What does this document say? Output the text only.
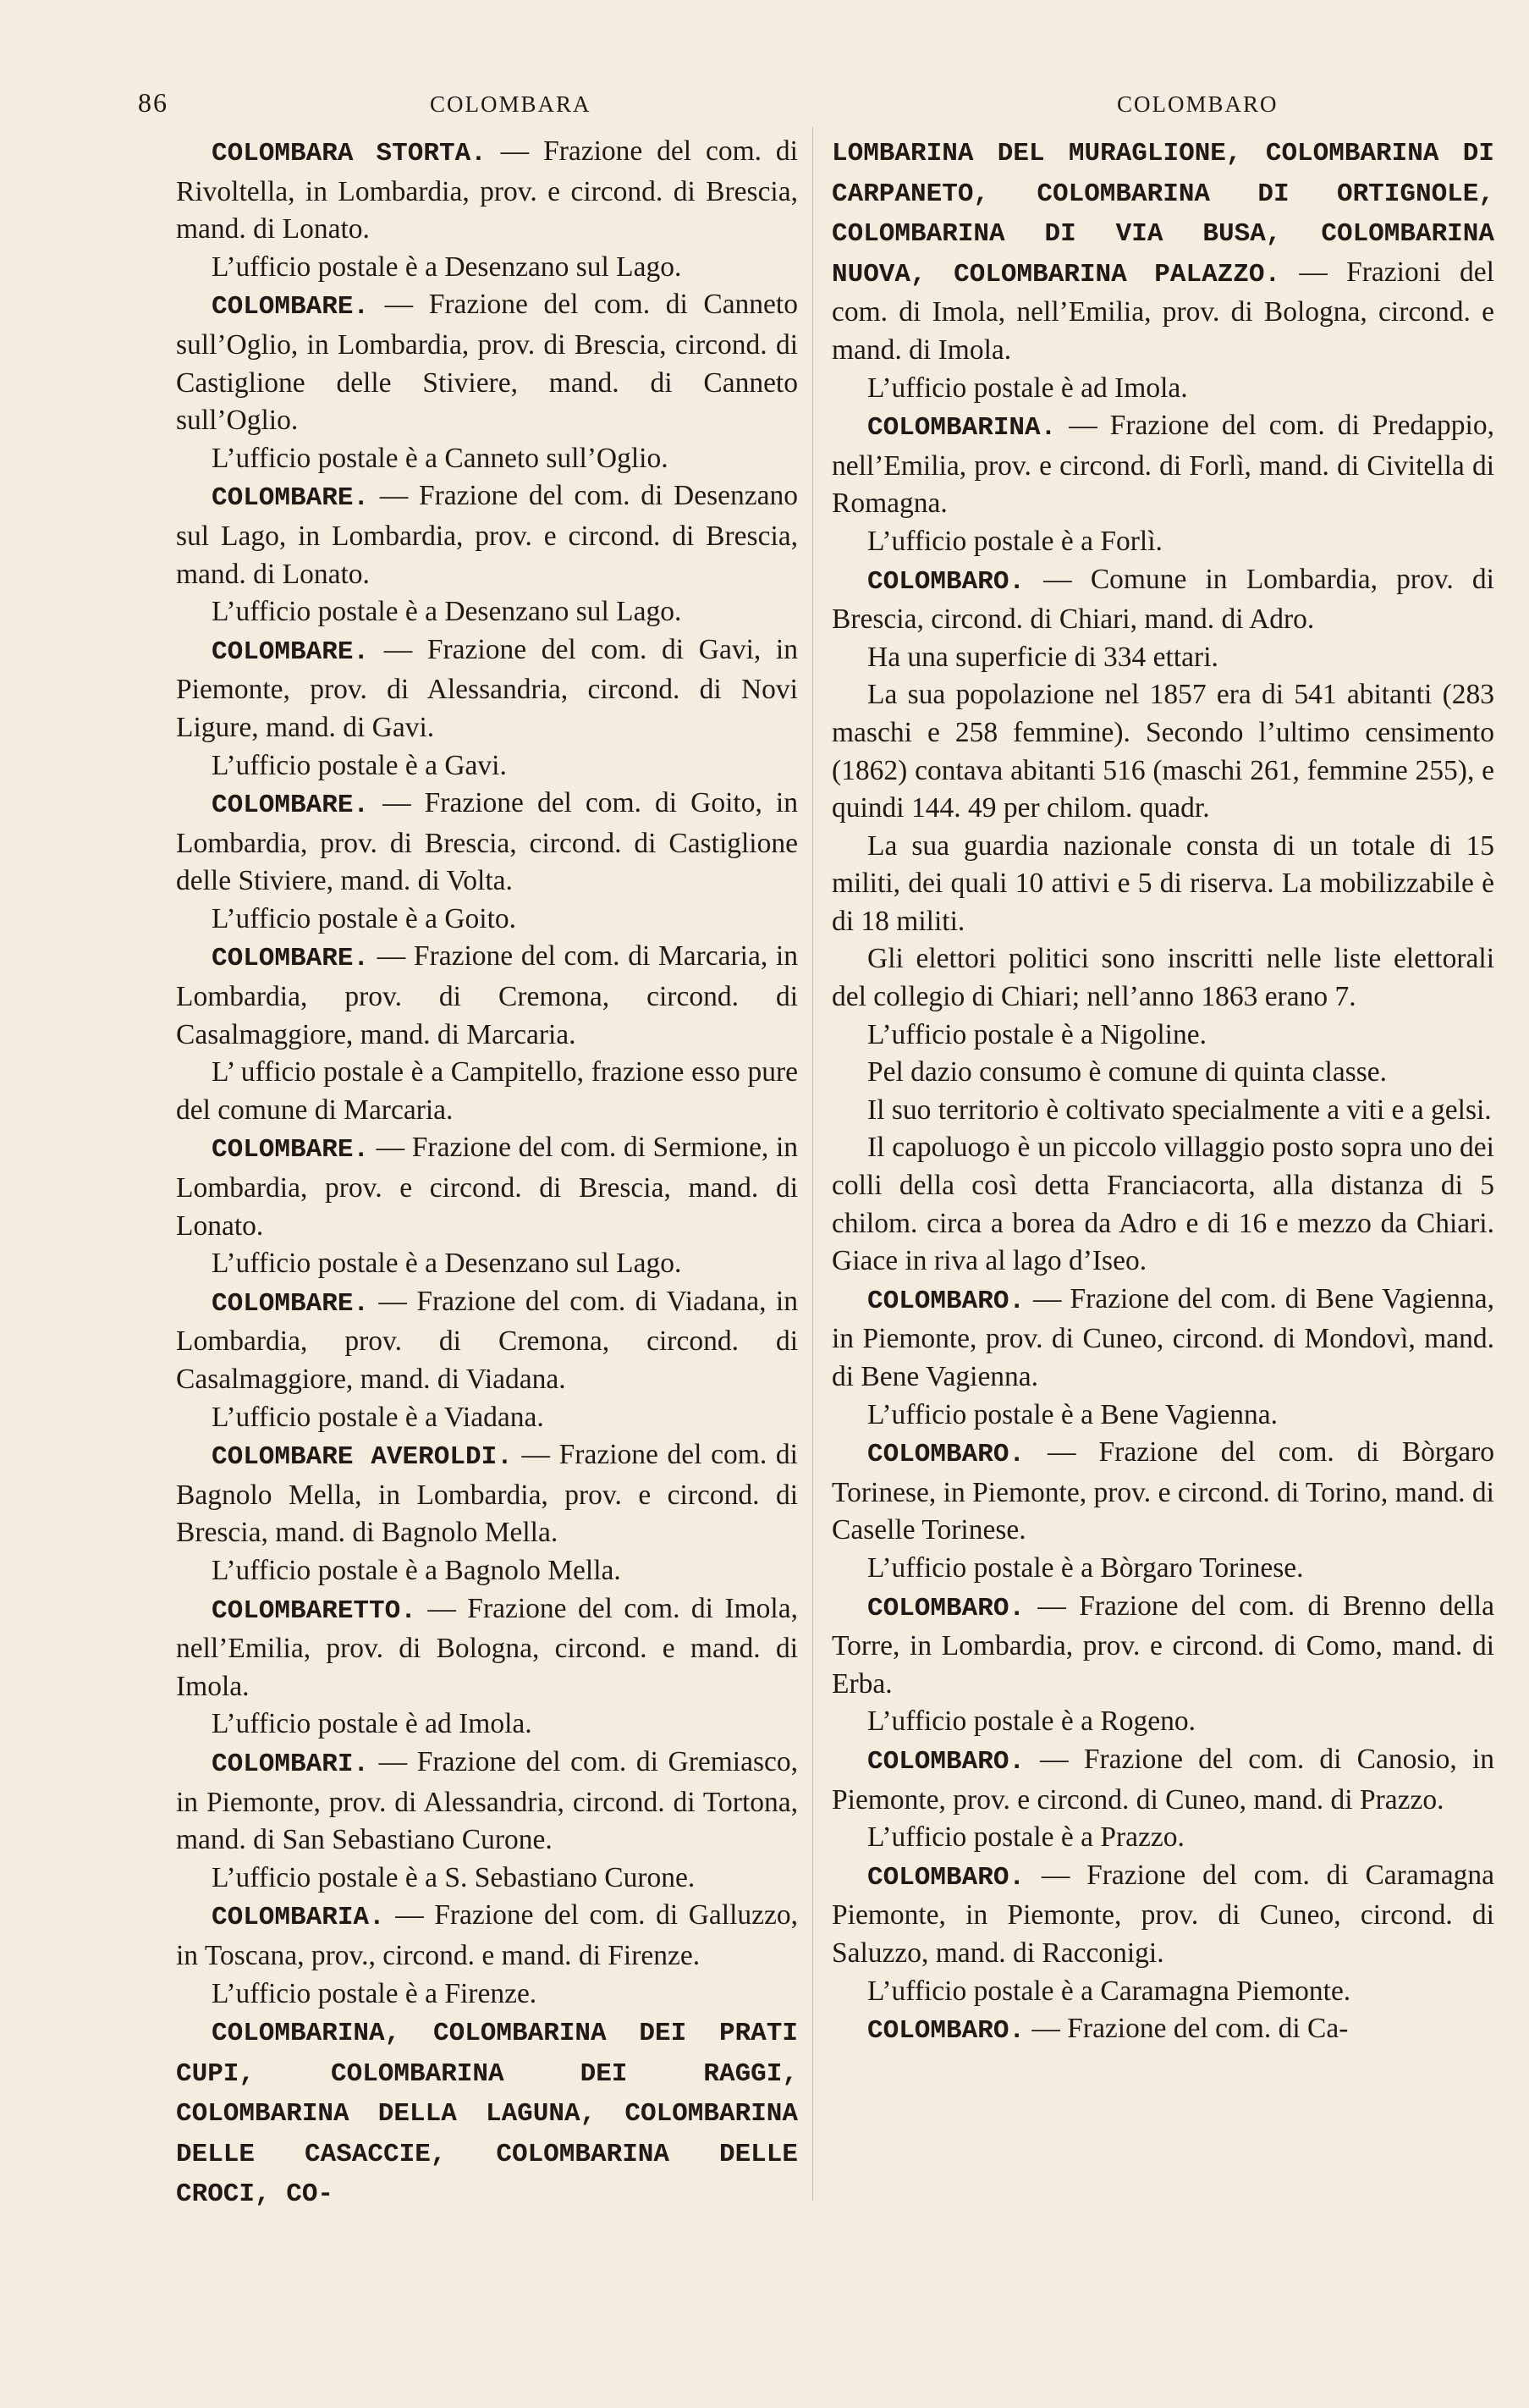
86	COLOMBARA	COLOMBARO

COLOMBARA STORTA. — Frazione del com. di Rivoltella, in Lombardia, prov. e circond. di Brescia, mand. di Lonato.

L’ufficio postale è a Desenzano sul Lago.

COLOMBARE. — Frazione del com. di Canneto sull’Oglio, in Lombardia, prov. di Brescia, circond. di Castiglione delle Stiviere, mand. di Canneto sull’Oglio.

L’ufficio postale è a Canneto sull’Oglio.

COLOMBARE. — Frazione del com. di Desenzano sul Lago, in Lombardia, prov. e circond. di Brescia, mand. di Lonato.

L’ufficio postale è a Desenzano sul Lago.

COLOMBARE. — Frazione del com. di Gavi, in Piemonte, prov. di Alessandria, circond. di Novi Ligure, mand. di Gavi.

L’ufficio postale è a Gavi.

COLOMBARE. — Frazione del com. di Goito, in Lombardia, prov. di Brescia, circond. di Castiglione delle Stiviere, mand. di Volta.

L’ufficio postale è a Goito.

COLOMBARE. — Frazione del com. di Marcaria, in Lombardia, prov. di Cremona, circond. di Casalmaggiore, mand. di Marcaria.

L’ ufficio postale è a Campitello, frazione esso pure del comune di Marcaria.

COLOMBARE. — Frazione del com. di Sermione, in Lombardia, prov. e circond. di Brescia, mand. di Lonato.

L’ufficio postale è a Desenzano sul Lago.

COLOMBARE. — Frazione del com. di Viadana, in Lombardia, prov. di Cremona, circond. di Casalmaggiore, mand. di Viadana.

L’ufficio postale è a Viadana.

COLOMBARE AVEROLDI. — Frazione del com. di Bagnolo Mella, in Lombardia, prov. e circond. di Brescia, mand. di Bagnolo Mella.

L’ufficio postale è a Bagnolo Mella.

COLOMBARETTO. — Frazione del com. di Imola, nell’Emilia, prov. di Bologna, circond. e mand. di Imola.

L’ufficio postale è ad Imola.

COLOMBARI. — Frazione del com. di Gremiasco, in Piemonte, prov. di Alessandria, circond. di Tortona, mand. di San Sebastiano Curone.

L’ufficio postale è a S. Sebastiano Curone.

COLOMBARIA. — Frazione del com. di Galluzzo, in Toscana, prov., circond. e mand. di Firenze.

L’ufficio postale è a Firenze.

COLOMBARINA, COLOMBARINA DEI PRATI CUPI, COLOMBARINA DEI RAGGI, COLOMBARINA DELLA LAGUNA, COLOMBARINA DELLE CASACCIE, COLOMBARINA DELLE CROCI, CO-

LOMBARINA DEL MURAGLIONE, COLOMBARINA DI CARPANETO, COLOMBARINA DI ORTIGNOLE, COLOMBARINA DI VIA BUSA, COLOMBARINA NUOVA, COLOMBARINA PALAZZO. — Frazioni del com. di Imola, nell’Emilia, prov. di Bologna, circond. e mand. di Imola.

L’ufficio postale è ad Imola.

COLOMBARINA. — Frazione del com. di Predappio, nell’Emilia, prov. e circond. di Forlì, mand. di Civitella di Romagna.

L’ufficio postale è a Forlì.

COLOMBARO. — Comune in Lombardia, prov. di Brescia, circond. di Chiari, mand. di Adro.

Ha una superficie di 334 ettari.

La sua popolazione nel 1857 era di 541 abitanti (283 maschi e 258 femmine). Secondo l’ultimo censimento (1862) contava abitanti 516 (maschi 261, femmine 255), e quindi 144. 49 per chilom. quadr.

La sua guardia nazionale consta di un totale di 15 militi, dei quali 10 attivi e 5 di riserva. La mobilizzabile è di 18 militi.

Gli elettori politici sono inscritti nelle liste elettorali del collegio di Chiari; nell’anno 1863 erano 7.

L’ufficio postale è a Nigoline.

Pel dazio consumo è comune di quinta classe.

Il suo territorio è coltivato specialmente a viti e a gelsi.

Il capoluogo è un piccolo villaggio posto sopra uno dei colli della così detta Franciacorta, alla distanza di 5 chilom. circa a borea da Adro e di 16 e mezzo da Chiari. Giace in riva al lago d’Iseo.

COLOMBARO. — Frazione del com. di Bene Vagienna, in Piemonte, prov. di Cuneo, circond. di Mondovì, mand. di Bene Vagienna.

L’ufficio postale è a Bene Vagienna.

COLOMBARO. — Frazione del com. di Bòrgaro Torinese, in Piemonte, prov. e circond. di Torino, mand. di Caselle Torinese.

L’ufficio postale è a Bòrgaro Torinese.

COLOMBARO. — Frazione del com. di Brenno della Torre, in Lombardia, prov. e circond. di Como, mand. di Erba.

L’ufficio postale è a Rogeno.

COLOMBARO. — Frazione del com. di Canosio, in Piemonte, prov. e circond. di Cuneo, mand. di Prazzo.

L’ufficio postale è a Prazzo.

COLOMBARO. — Frazione del com. di Caramagna Piemonte, in Piemonte, prov. di Cuneo, circond. di Saluzzo, mand. di Racconigi.

L’ufficio postale è a Caramagna Piemonte.

COLOMBARO. — Frazione del com. di Ca-
